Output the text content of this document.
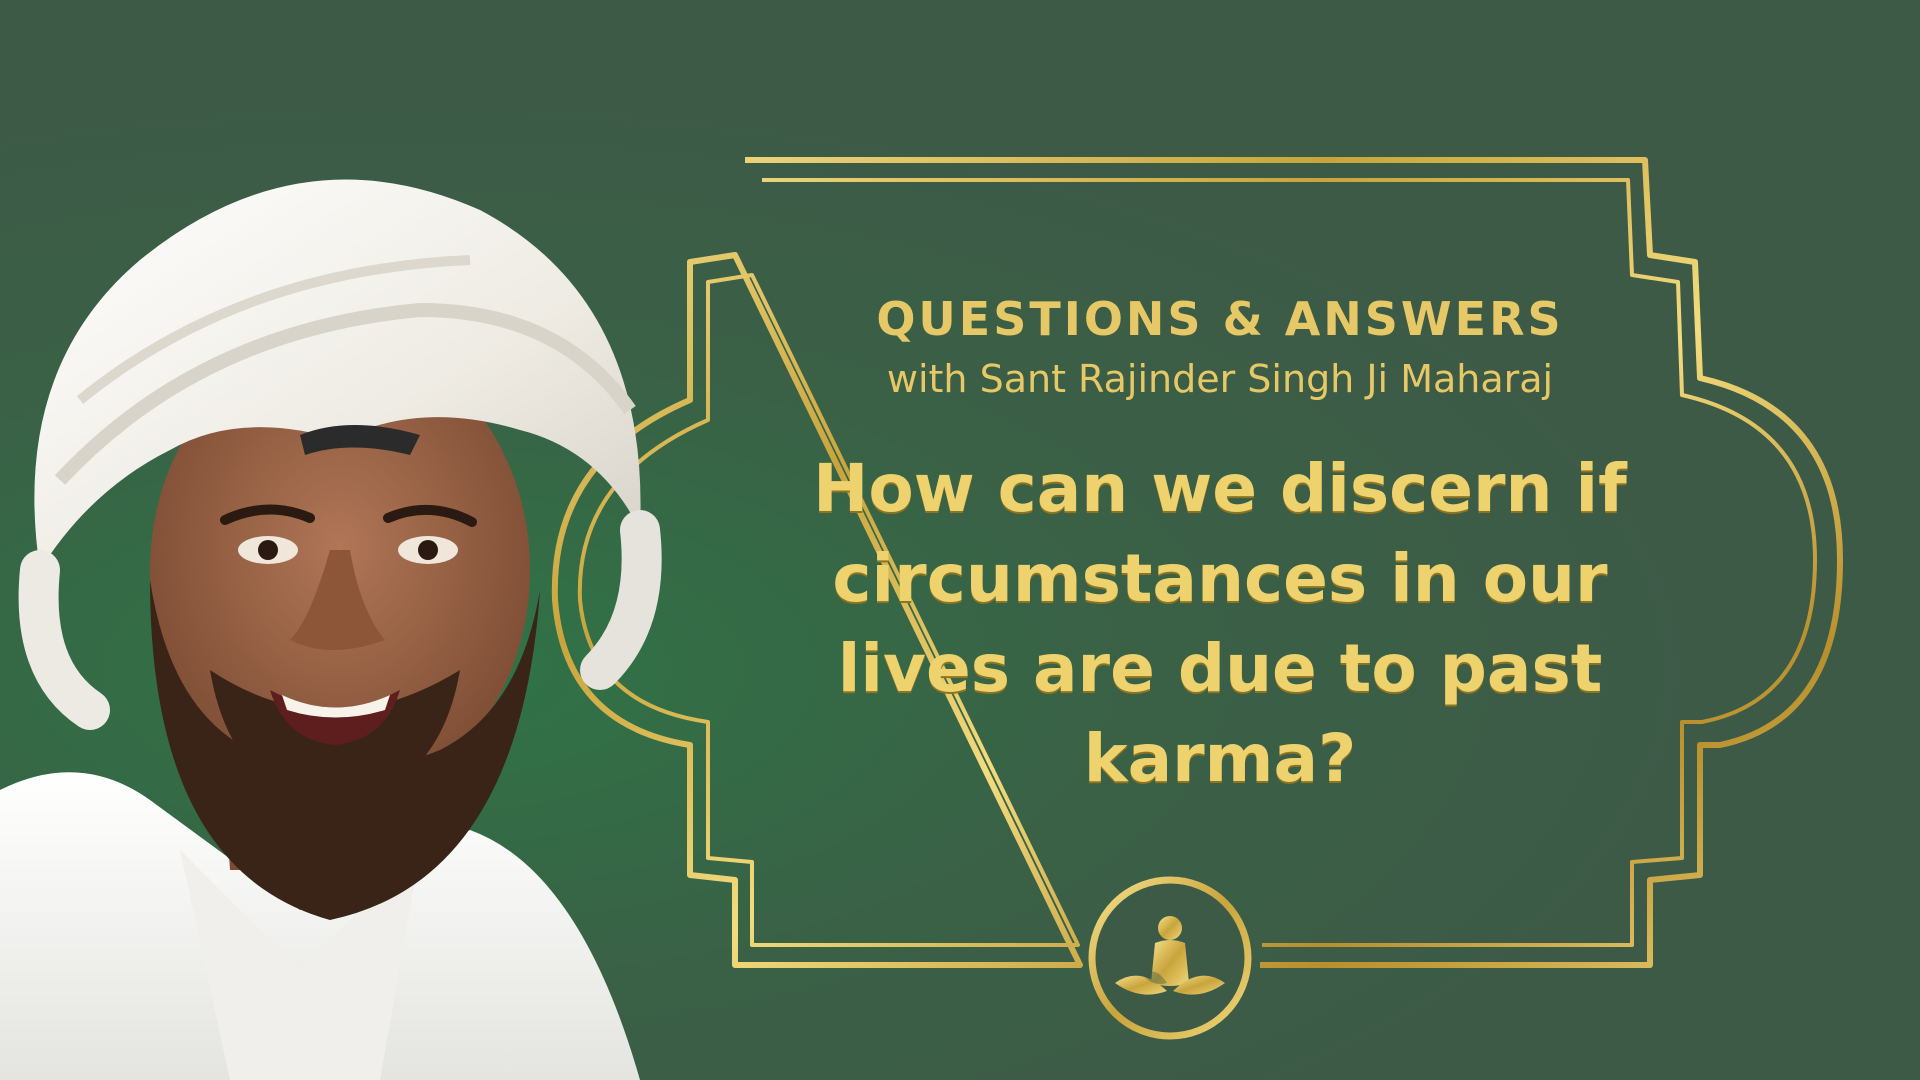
QUESTIONS & ANSWERS

with Sant Rajinder Singh Ji Maharaj

How can we discern if circumstances in our lives are due to past karma?
